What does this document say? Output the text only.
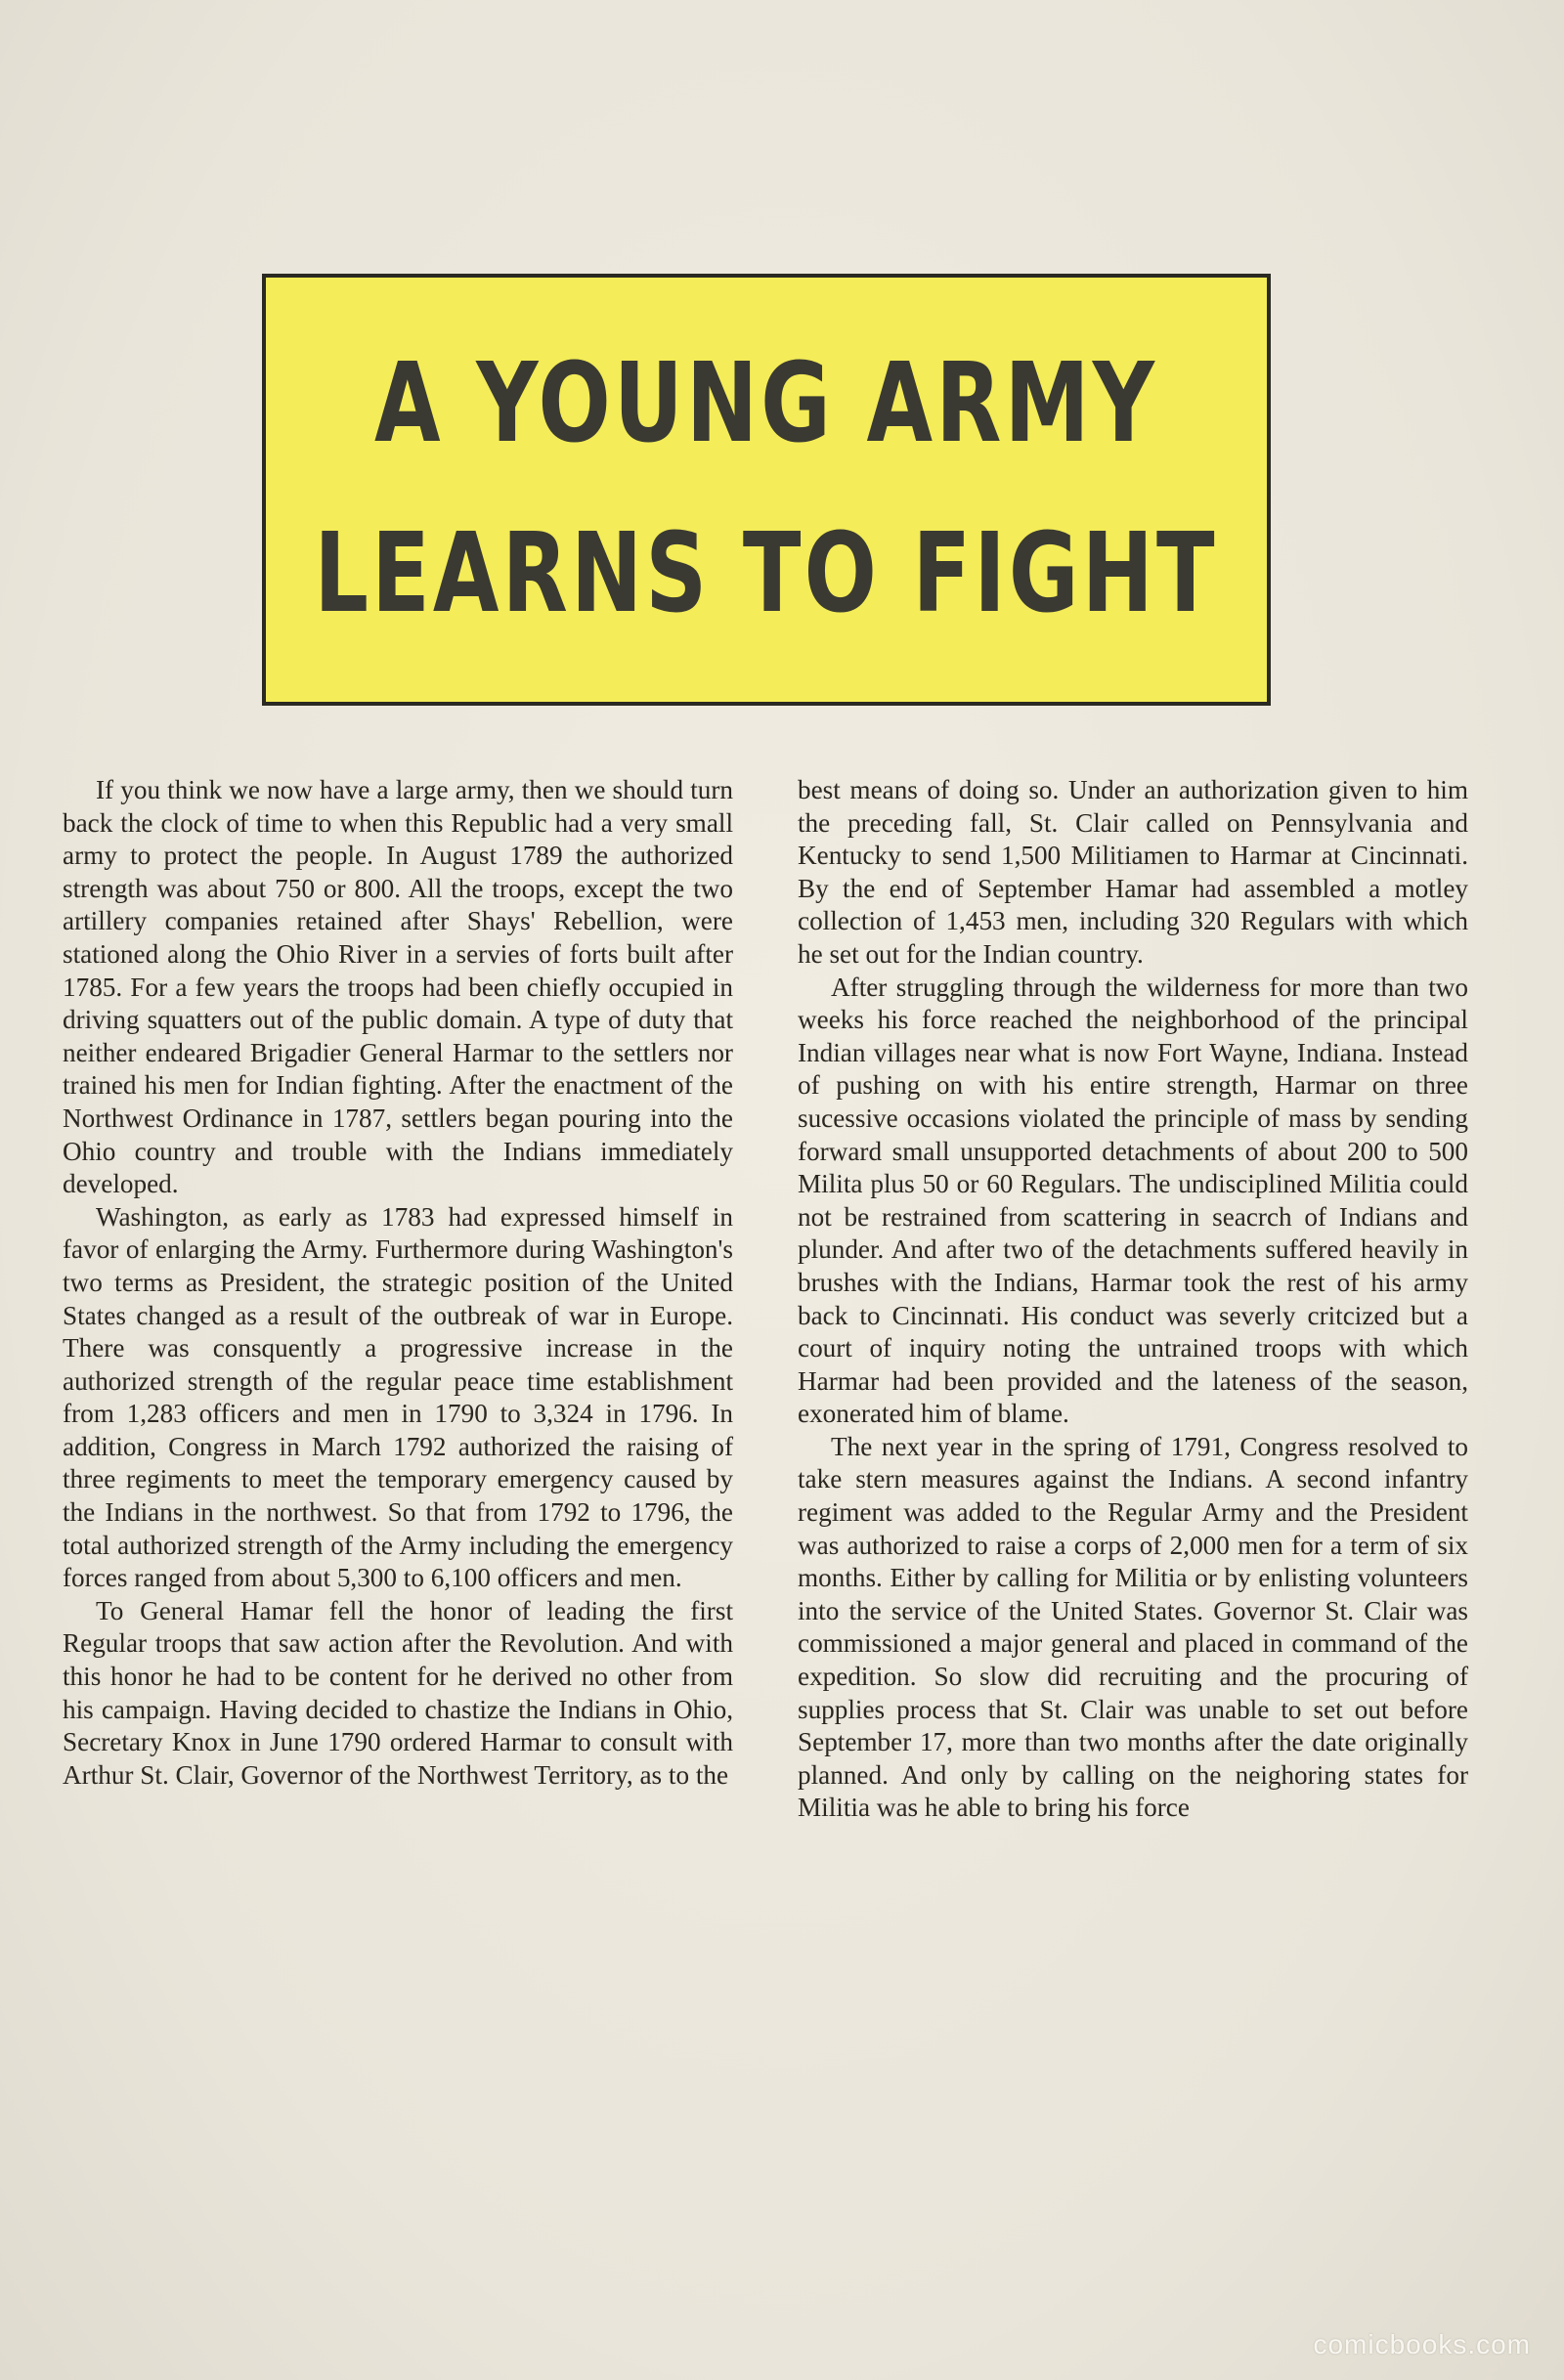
A YOUNG ARMY
LEARNS TO FIGHT

If you think we now have a large army, then we should turn back the clock of time to when this Republic had a very small army to protect the people. In August 1789 the authorized strength was about 750 or 800. All the troops, except the two artillery companies retained after Shays' Rebellion, were stationed along the Ohio River in a servies of forts built after 1785. For a few years the troops had been chiefly occupied in driving squatters out of the public domain. A type of duty that neither endeared Brigadier General Harmar to the settlers nor trained his men for Indian fighting. After the enactment of the Northwest Ordinance in 1787, settlers began pouring into the Ohio country and trouble with the Indians immediately developed.

Washington, as early as 1783 had expressed himself in favor of enlarging the Army. Furthermore during Washington's two terms as President, the strategic position of the United States changed as a result of the outbreak of war in Europe. There was consquently a progressive increase in the authorized strength of the regular peace time establishment from 1,283 officers and men in 1790 to 3,324 in 1796. In addition, Congress in March 1792 authorized the raising of three regiments to meet the temporary emergency caused by the Indians in the northwest. So that from 1792 to 1796, the total authorized strength of the Army including the emergency forces ranged from about 5,300 to 6,100 officers and men.

To General Hamar fell the honor of leading the first Regular troops that saw action after the Revolution. And with this honor he had to be content for he derived no other from his campaign. Having decided to chastize the Indians in Ohio, Secretary Knox in June 1790 ordered Harmar to consult with Arthur St. Clair, Governor of the Northwest Territory, as to the

best means of doing so. Under an authorization given to him the preceding fall, St. Clair called on Pennsylvania and Kentucky to send 1,500 Militiamen to Harmar at Cincinnati. By the end of September Hamar had assembled a motley collection of 1,453 men, including 320 Regulars with which he set out for the Indian country.

After struggling through the wilderness for more than two weeks his force reached the neighborhood of the principal Indian villages near what is now Fort Wayne, Indiana. Instead of pushing on with his entire strength, Harmar on three sucessive occasions violated the principle of mass by sending forward small unsupported detachments of about 200 to 500 Milita plus 50 or 60 Regulars. The undisciplined Militia could not be restrained from scattering in seacrch of Indians and plunder. And after two of the detachments suffered heavily in brushes with the Indians, Harmar took the rest of his army back to Cincinnati. His conduct was severly critcized but a court of inquiry noting the untrained troops with which Harmar had been provided and the lateness of the season, exonerated him of blame.

The next year in the spring of 1791, Congress resolved to take stern measures against the Indians. A second infantry regiment was added to the Regular Army and the President was authorized to raise a corps of 2,000 men for a term of six months. Either by calling for Militia or by enlisting volunteers into the service of the United States. Governor St. Clair was commissioned a major general and placed in command of the expedition. So slow did recruiting and the procuring of supplies process that St. Clair was unable to set out before September 17, more than two months after the date originally planned. And only by calling on the neighoring states for Militia was he able to bring his force

comicbooks.com
